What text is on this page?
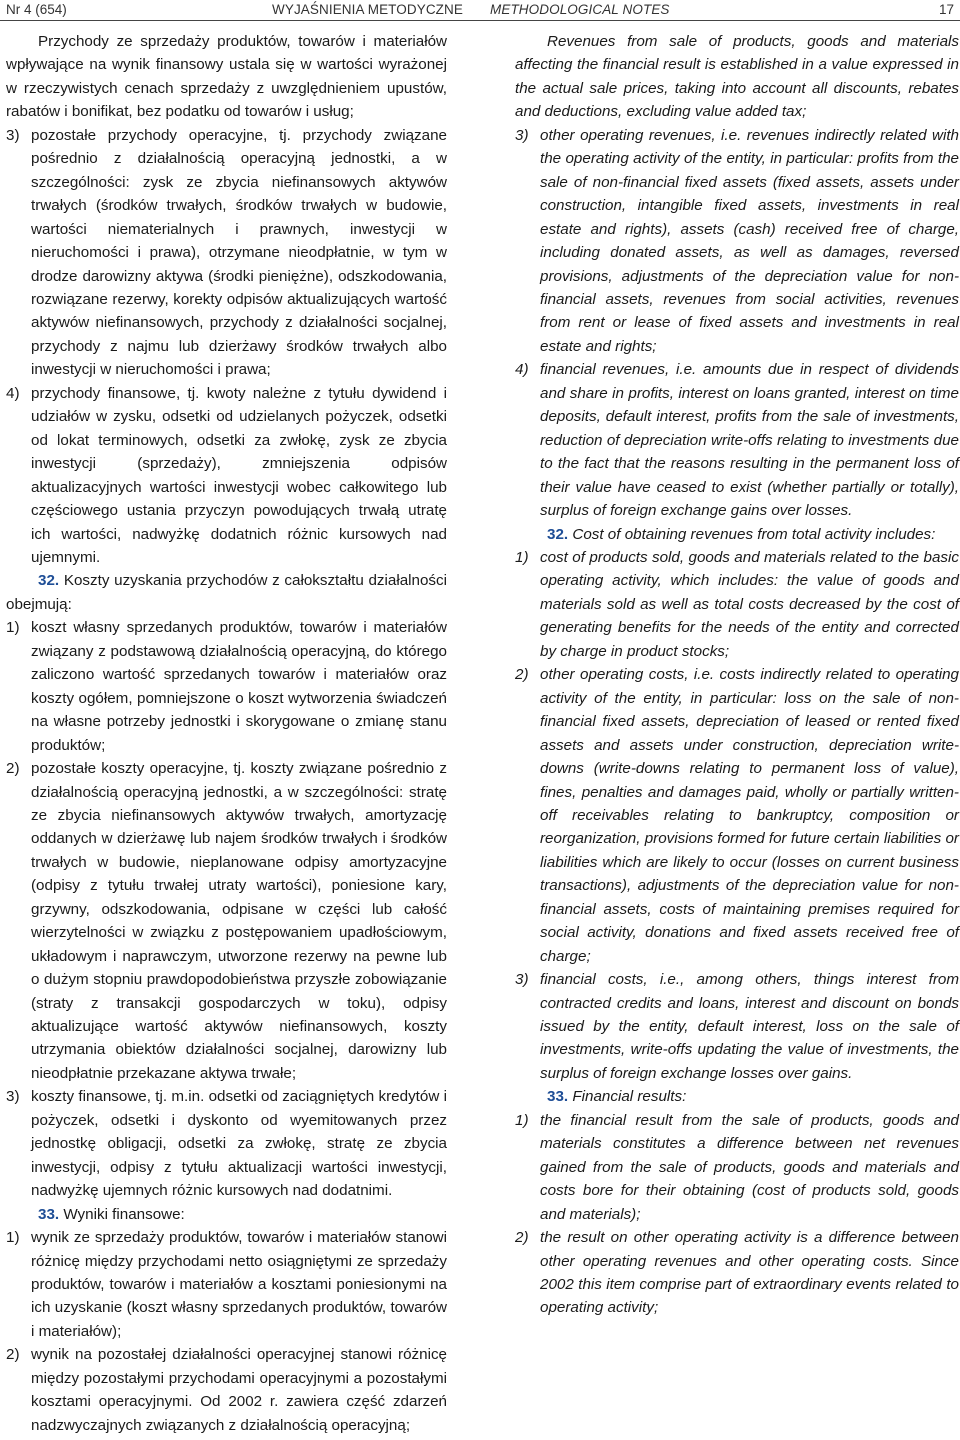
Nr 4 (654)	WYJAŚNIENIA METODYCZNE METHODOLOGICAL NOTES	17

Przychody ze sprzedaży produktów, towarów i materiałów wpływające na wynik finansowy ustala się w wartości wyrażonej w rzeczywistych cenach sprzedaży z uwzględnieniem upustów, rabatów i bonifikat, bez podatku od towarów i usług;

3) pozostałe przychody operacyjne, tj. przychody związane pośrednio z działalnością operacyjną jednostki, a w szczególności: zysk ze zbycia niefinansowych aktywów trwałych (środków trwałych, środków trwałych w budowie, wartości niematerialnych i prawnych, inwestycji w nieruchomości i prawa), otrzymane nieodpłatnie, w tym w drodze darowizny aktywa (środki pieniężne), odszkodowania, rozwiązane rezerwy, korekty odpisów aktualizujących wartość aktywów niefinansowych, przychody z działalności socjalnej, przychody z najmu lub dzierżawy środków trwałych albo inwestycji w nieruchomości i prawa;
4) przychody finansowe, tj. kwoty należne z tytułu dywidend i udziałów w zysku, odsetki od udzielanych pożyczek, odsetki od lokat terminowych, odsetki za zwłokę, zysk ze zbycia inwestycji (sprzedaży), zmniejszenia odpisów aktualizacyjnych wartości inwestycji wobec całkowitego lub częściowego ustania przyczyn powodujących trwałą utratę ich wartości, nadwyżkę dodatnich różnic kursowych nad ujemnymi.

32. Koszty uzyskania przychodów z całokształtu działalności obejmują:

1) koszt własny sprzedanych produktów, towarów i materiałów związany z podstawową działalnością operacyjną, do którego zaliczono wartość sprzedanych towarów i materiałów oraz koszty ogółem, pomniejszone o koszt wytworzenia świadczeń na własne potrzeby jednostki i skorygowane o zmianę stanu produktów;
2) pozostałe koszty operacyjne, tj. koszty związane pośrednio z działalnością operacyjną jednostki, a w szczególności: stratę ze zbycia niefinansowych aktywów trwałych, amortyzację oddanych w dzierżawę lub najem środków trwałych i środków trwałych w budowie, nieplanowane odpisy amortyzacyjne (odpisy z tytułu trwałej utraty wartości), poniesione kary, grzywny, odszkodowania, odpisane w części lub całość wierzytelności w związku z postępowaniem upadłościowym, układowym i naprawczym, utworzone rezerwy na pewne lub o dużym stopniu prawdopodobieństwa przyszłe zobowiązanie (straty z transakcji gospodarczych w toku), odpisy aktualizujące wartość aktywów niefinansowych, koszty utrzymania obiektów działalności socjalnej, darowizny lub nieodpłatnie przekazane aktywa trwałe;
3) koszty finansowe, tj. m.in. odsetki od zaciągniętych kredytów i pożyczek, odsetki i dyskonto od wyemitowanych przez jednostkę obligacji, odsetki za zwłokę, stratę ze zbycia inwestycji, odpisy z tytułu aktualizacji wartości inwestycji, nadwyżkę ujemnych różnic kursowych nad dodatnimi.

33. Wyniki finansowe:

1) wynik ze sprzedaży produktów, towarów i materiałów stanowi różnicę między przychodami netto osiągniętymi ze sprzedaży produktów, towarów i materiałów a kosztami poniesionymi na ich uzyskanie (koszt własny sprzedanych produktów, towarów i materiałów);
2) wynik na pozostałej działalności operacyjnej stanowi różnicę między pozostałymi przychodami operacyjnymi a pozostałymi kosztami operacyjnymi. Od 2002 r. zawiera część zdarzeń nadzwyczajnych związanych z działalnością operacyjną;

Revenues from sale of products, goods and materials affecting the financial result is established in a value expressed in the actual sale prices, taking into account all discounts, rebates and deductions, excluding value added tax;

3) other operating revenues, i.e. revenues indirectly related with the operating activity of the entity, in particular: profits from the sale of non-financial fixed assets (fixed assets, assets under construction, intangible fixed assets, investments in real estate and rights), assets (cash) received free of charge, including donated assets, as well as damages, reversed provisions, adjustments of the depreciation value for non-financial assets, revenues from social activities, revenues from rent or lease of fixed assets and investments in real estate and rights;
4) financial revenues, i.e. amounts due in respect of dividends and share in profits, interest on loans granted, interest on time deposits, default interest, profits from the sale of investments, reduction of depreciation write-offs relating to investments due to the fact that the reasons resulting in the permanent loss of their value have ceased to exist (whether partially or totally), surplus of foreign exchange gains over losses.

32. Cost of obtaining revenues from total activity includes:

1) cost of products sold, goods and materials related to the basic operating activity, which includes: the value of goods and materials sold as well as total costs decreased by the cost of generating benefits for the needs of the entity and corrected by charge in product stocks;
2) other operating costs, i.e. costs indirectly related to operating activity of the entity, in particular: loss on the sale of non-financial fixed assets, depreciation of leased or rented fixed assets and assets under construction, depreciation write-downs (write-downs relating to permanent loss of value), fines, penalties and damages paid, wholly or partially written-off receivables relating to bankruptcy, composition or reorganization, provisions formed for future certain liabilities or liabilities which are likely to occur (losses on current business transactions), adjustments of the depreciation value for non-financial assets, costs of maintaining premises required for social activity, donations and fixed assets received free of charge;
3) financial costs, i.e., among others, things interest from contracted credits and loans, interest and discount on bonds issued by the entity, default interest, loss on the sale of investments, write-offs updating the value of investments, the surplus of foreign exchange losses over gains.

33. Financial results:

1) the financial result from the sale of products, goods and materials constitutes a difference between net revenues gained from the sale of products, goods and materials and costs bore for their obtaining (cost of products sold, goods and materials);
2) the result on other operating activity is a difference between other operating revenues and other operating costs. Since 2002 this item comprise part of extraordinary events related to operating activity;
